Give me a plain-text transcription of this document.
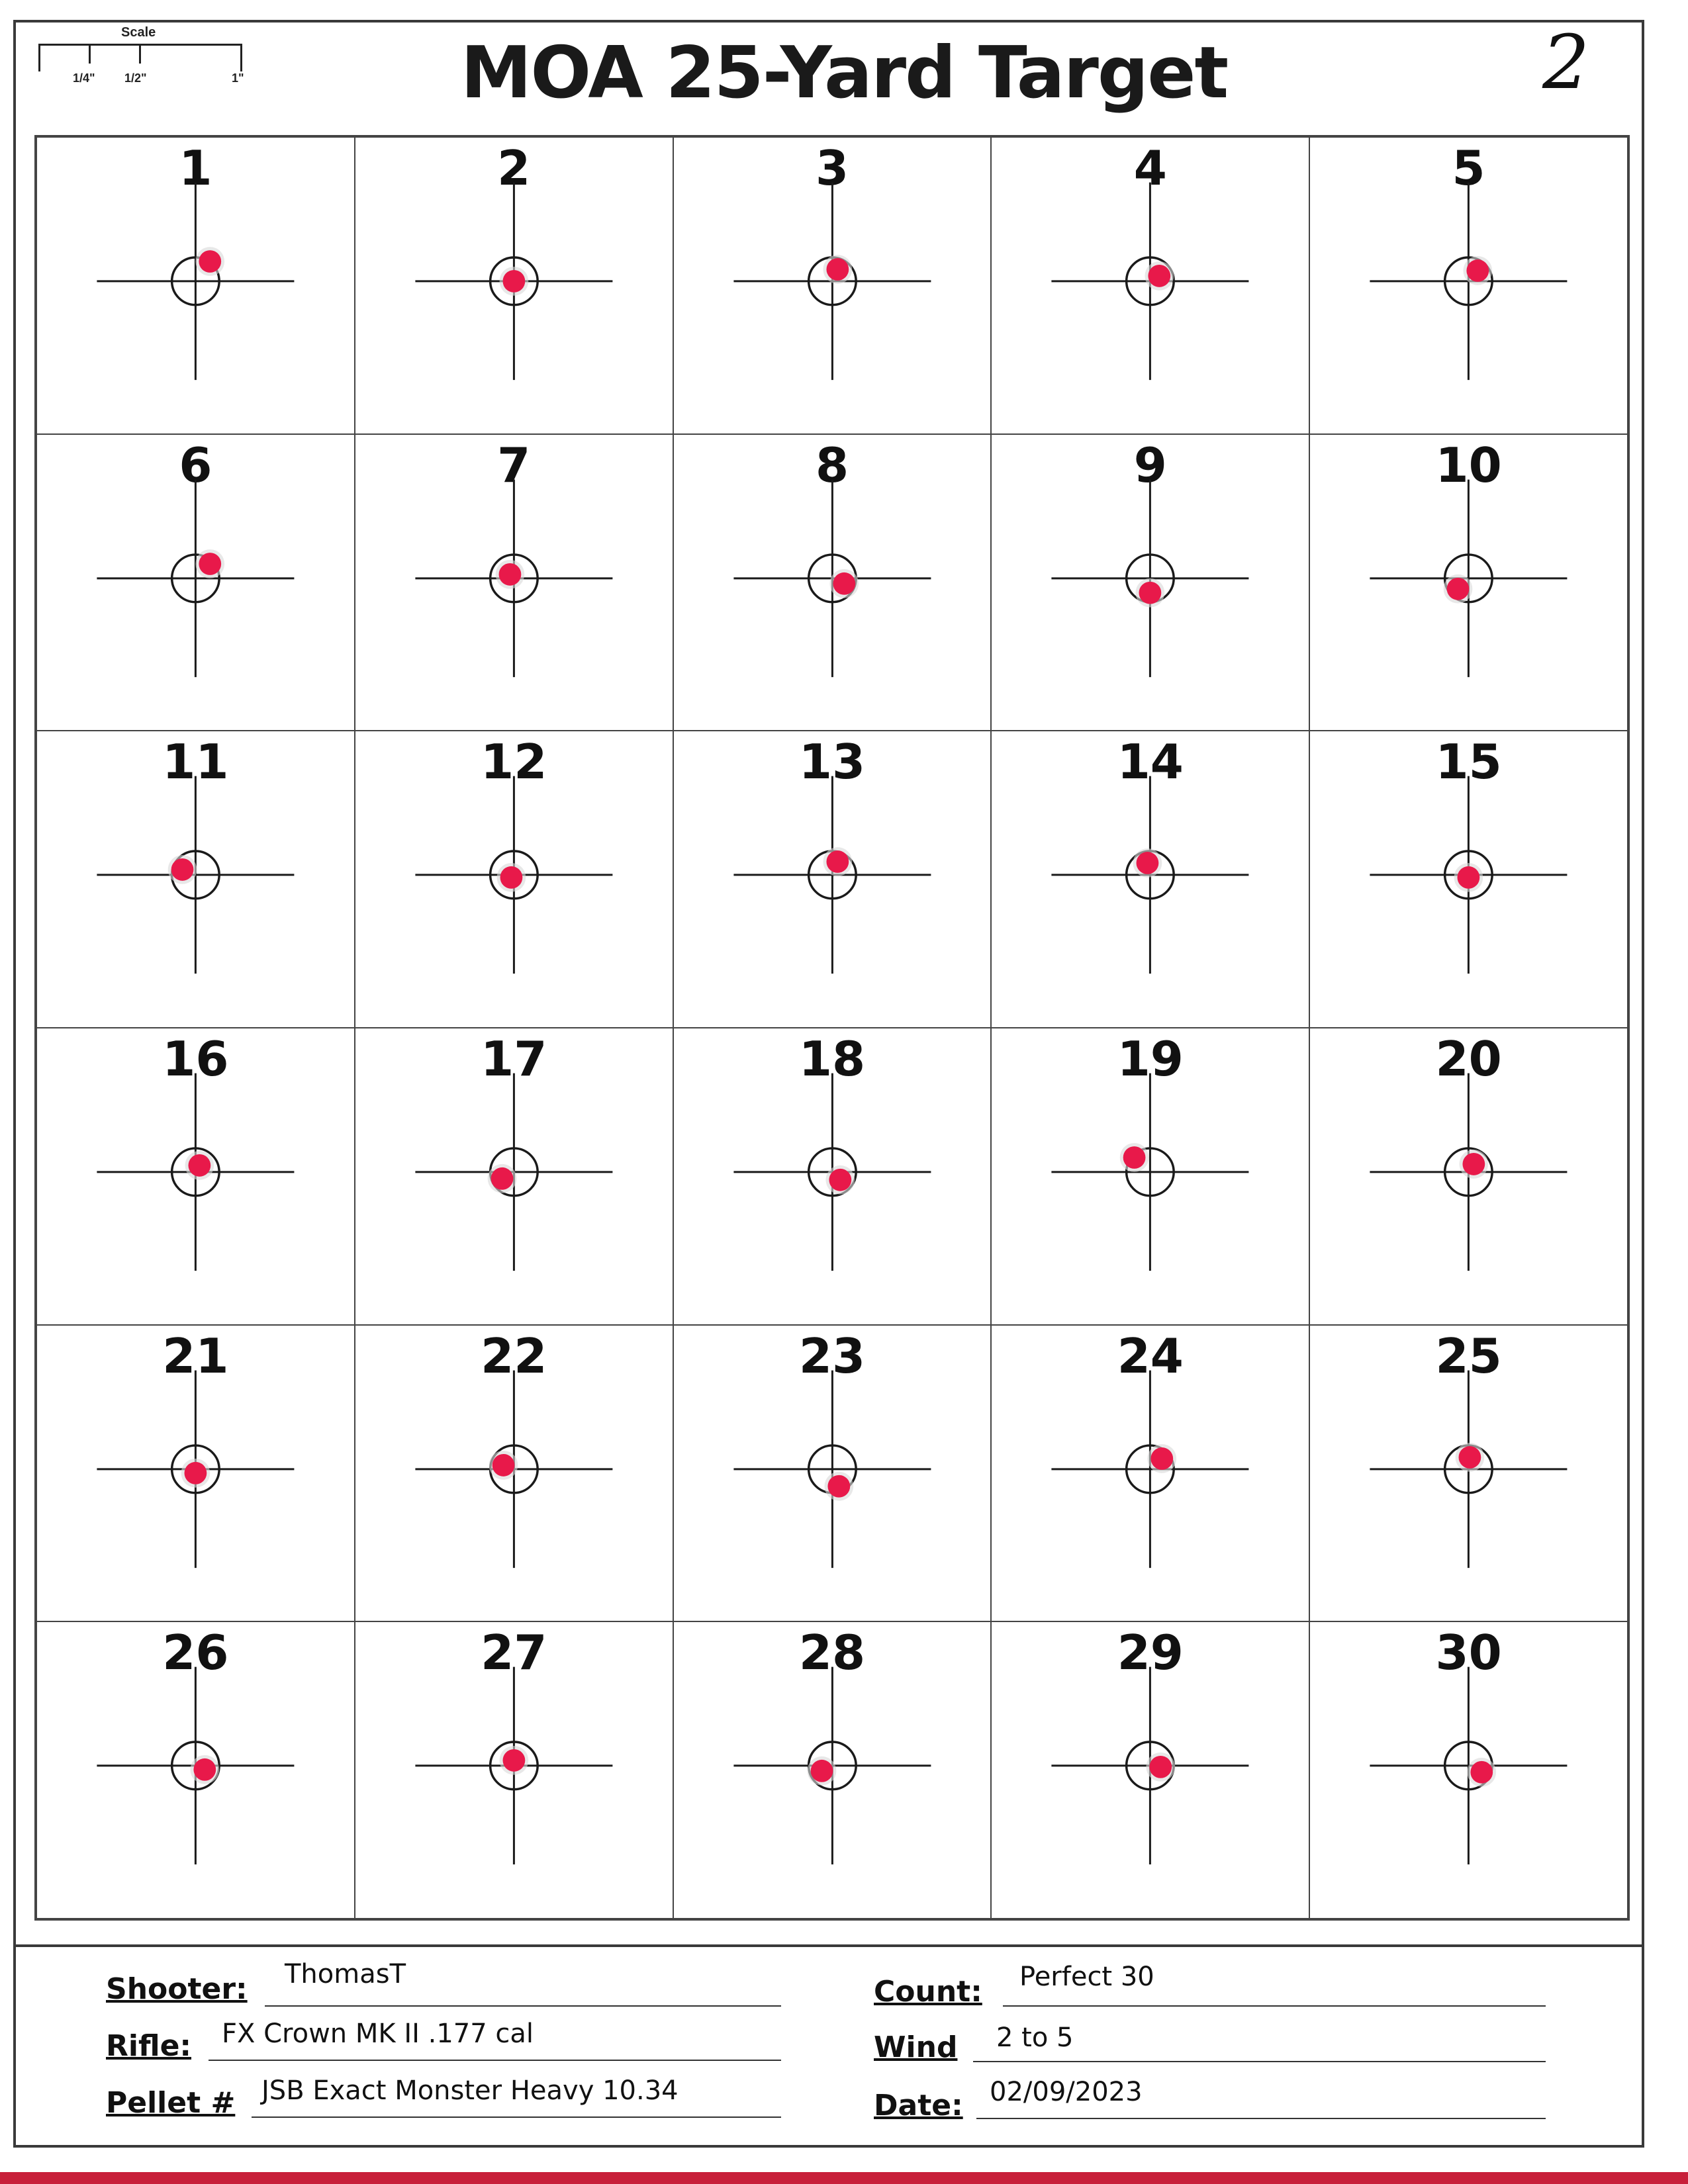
Scale
1/4" 1/2"	1"	MOA 25-Yard Target	2
1	2	3	4	5
6	7	8	9	10
11	12	13	14	15
16	17	18	19	20
21	22	23	24	25
26	27	28	29	30
Shooter: ThomasT
Rifle: FX Crown MK II .177 cal
Pellet # JSB Exact Monster Heavy 10.34
Count: Perfect 30
Wind 2 to 5
Date: 02/09/2023
